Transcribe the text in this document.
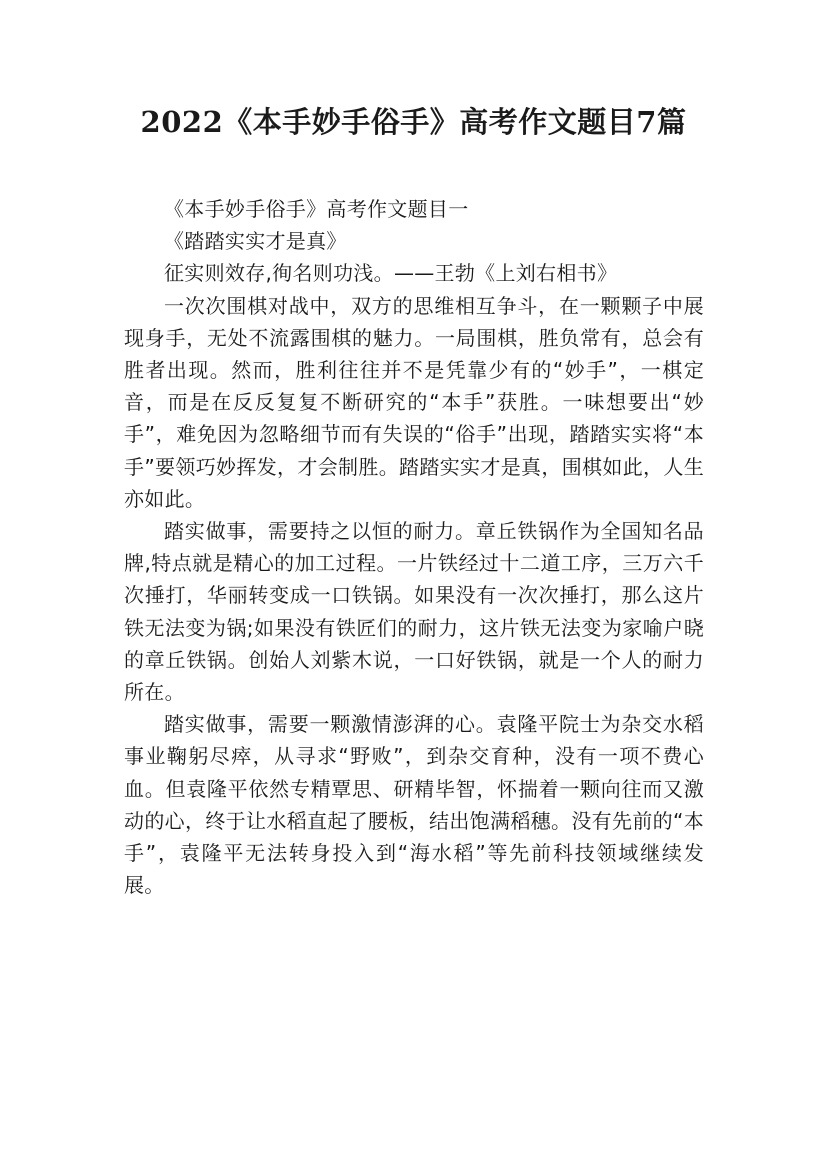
2022《本手妙手俗手》高考作文题目7篇

《本手妙手俗手》高考作文题目一

《踏踏实实才是真》

征实则效存,徇名则功浅。——王勃《上刘右相书》

一次次围棋对战中，双方的思维相互争斗，在一颗颗子中展现身手，无处不流露围棋的魅力。一局围棋，胜负常有，总会有胜者出现。然而，胜利往往并不是凭靠少有的“妙手”，一棋定音，而是在反反复复不断研究的“本手”获胜。一味想要出“妙手”，难免因为忽略细节而有失误的“俗手”出现，踏踏实实将“本手”要领巧妙挥发，才会制胜。踏踏实实才是真，围棋如此，人生亦如此。

踏实做事，需要持之以恒的耐力。章丘铁锅作为全国知名品牌,特点就是精心的加工过程。一片铁经过十二道工序，三万六千次捶打，华丽转变成一口铁锅。如果没有一次次捶打，那么这片铁无法变为锅;如果没有铁匠们的耐力，这片铁无法变为家喻户晓的章丘铁锅。创始人刘紫木说，一口好铁锅，就是一个人的耐力所在。

踏实做事，需要一颗激情澎湃的心。袁隆平院士为杂交水稻事业鞠躬尽瘁，从寻求“野败”，到杂交育种，没有一项不费心血。但袁隆平依然专精覃思、研精毕智，怀揣着一颗向往而又激动的心，终于让水稻直起了腰板，结出饱满稻穗。没有先前的“本手”，袁隆平无法转身投入到“海水稻”等先前科技领域继续发展。
